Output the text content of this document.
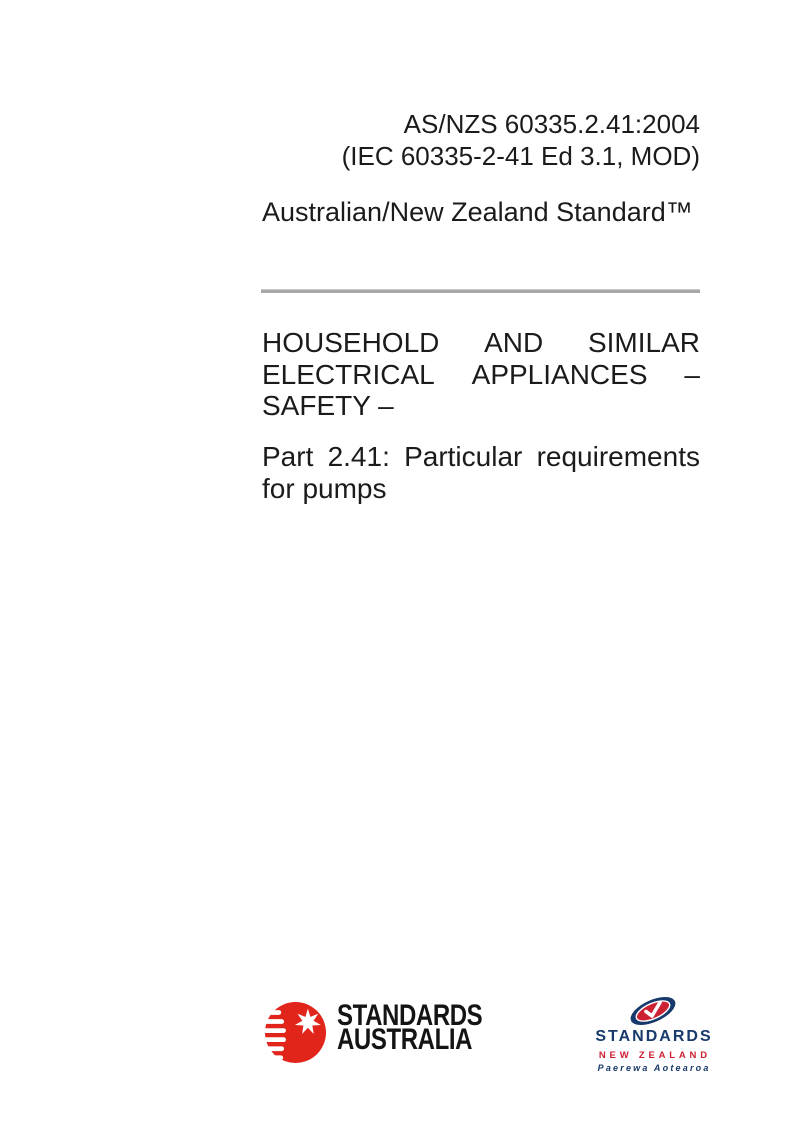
AS/NZS 60335.2.41:2004
(IEC 60335-2-41 Ed 3.1, MOD)
Australian/New Zealand Standard™
HOUSEHOLD AND SIMILAR
ELECTRICAL APPLIANCES –
SAFETY –
Part 2.41: Particular requirements
for pumps
STANDARDS
AUSTRALIA	STANDARDS
NEW ZEALAND
Paerewa Aotearoa
